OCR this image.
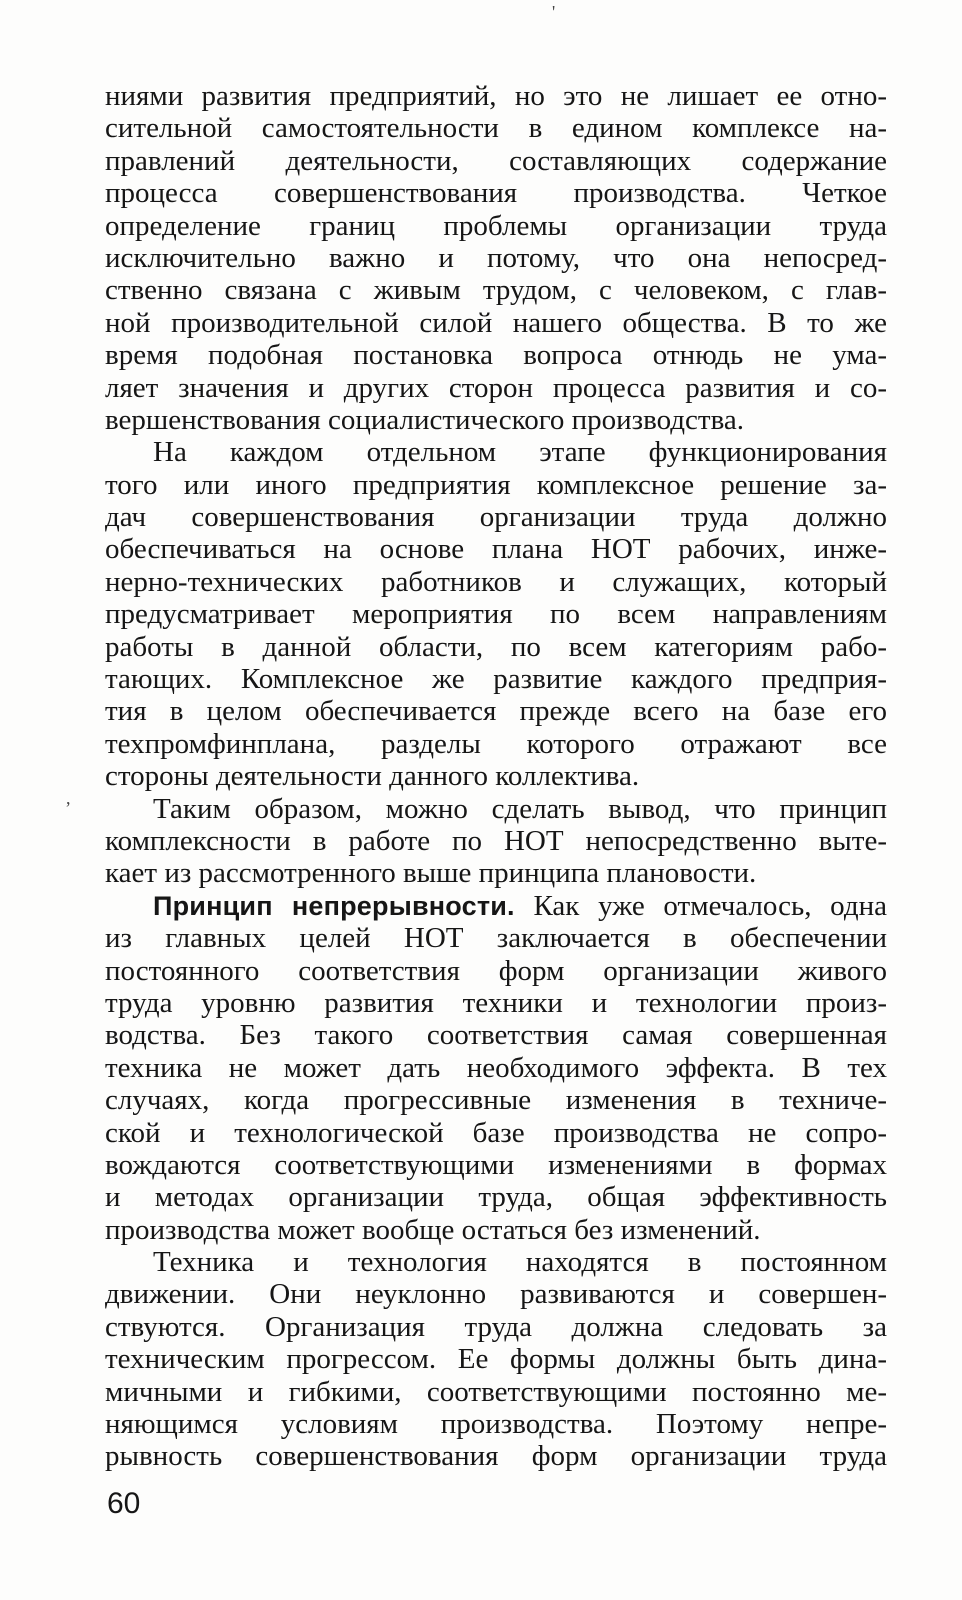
ниями развития предприятий, но это не лишает ее отно-
сительной самостоятельности в едином комплексе на-
правлений деятельности, составляющих содержание
процесса совершенствования производства. Четкое
определение границ проблемы организации труда
исключительно важно и потому, что она непосред-
ственно связана с живым трудом, с человеком, с глав-
ной производительной силой нашего общества. В то же
время подобная постановка вопроса отнюдь не ума-
ляет значения и других сторон процесса развития и со-
вершенствования социалистического производства.

На каждом отдельном этапе функционирования
того или иного предприятия комплексное решение за-
дач совершенствования организации труда должно
обеспечиваться на основе плана НОТ рабочих, инже-
нерно-технических работников и служащих, который
предусматривает мероприятия по всем направлениям
работы в данной области, по всем категориям рабо-
тающих. Комплексное же развитие каждого предприя-
тия в целом обеспечивается прежде всего на базе его
техпромфинплана, разделы которого отражают все
стороны деятельности данного коллектива.

Таким образом, можно сделать вывод, что принцип
комплексности в работе по НОТ непосредственно выте-
кает из рассмотренного выше принципа плановости.

Принцип непрерывности. Как уже отмечалось, одна
из главных целей НОТ заключается в обеспечении
постоянного соответствия форм организации живого
труда уровню развития техники и технологии произ-
водства. Без такого соответствия самая совершенная
техника не может дать необходимого эффекта. В тех
случаях, когда прогрессивные изменения в техниче-
ской и технологической базе производства не сопро-
вождаются соответствующими изменениями в формах
и методах организации труда, общая эффективность
производства может вообще остаться без изменений.

Техника и технология находятся в постоянном
движении. Они неуклонно развиваются и совершен-
ствуются. Организация труда должна следовать за
техническим прогрессом. Ее формы должны быть дина-
мичными и гибкими, соответствующими постоянно ме-
няющимся условиям производства. Поэтому непре-
рывность совершенствования форм организации труда

'
,
60
